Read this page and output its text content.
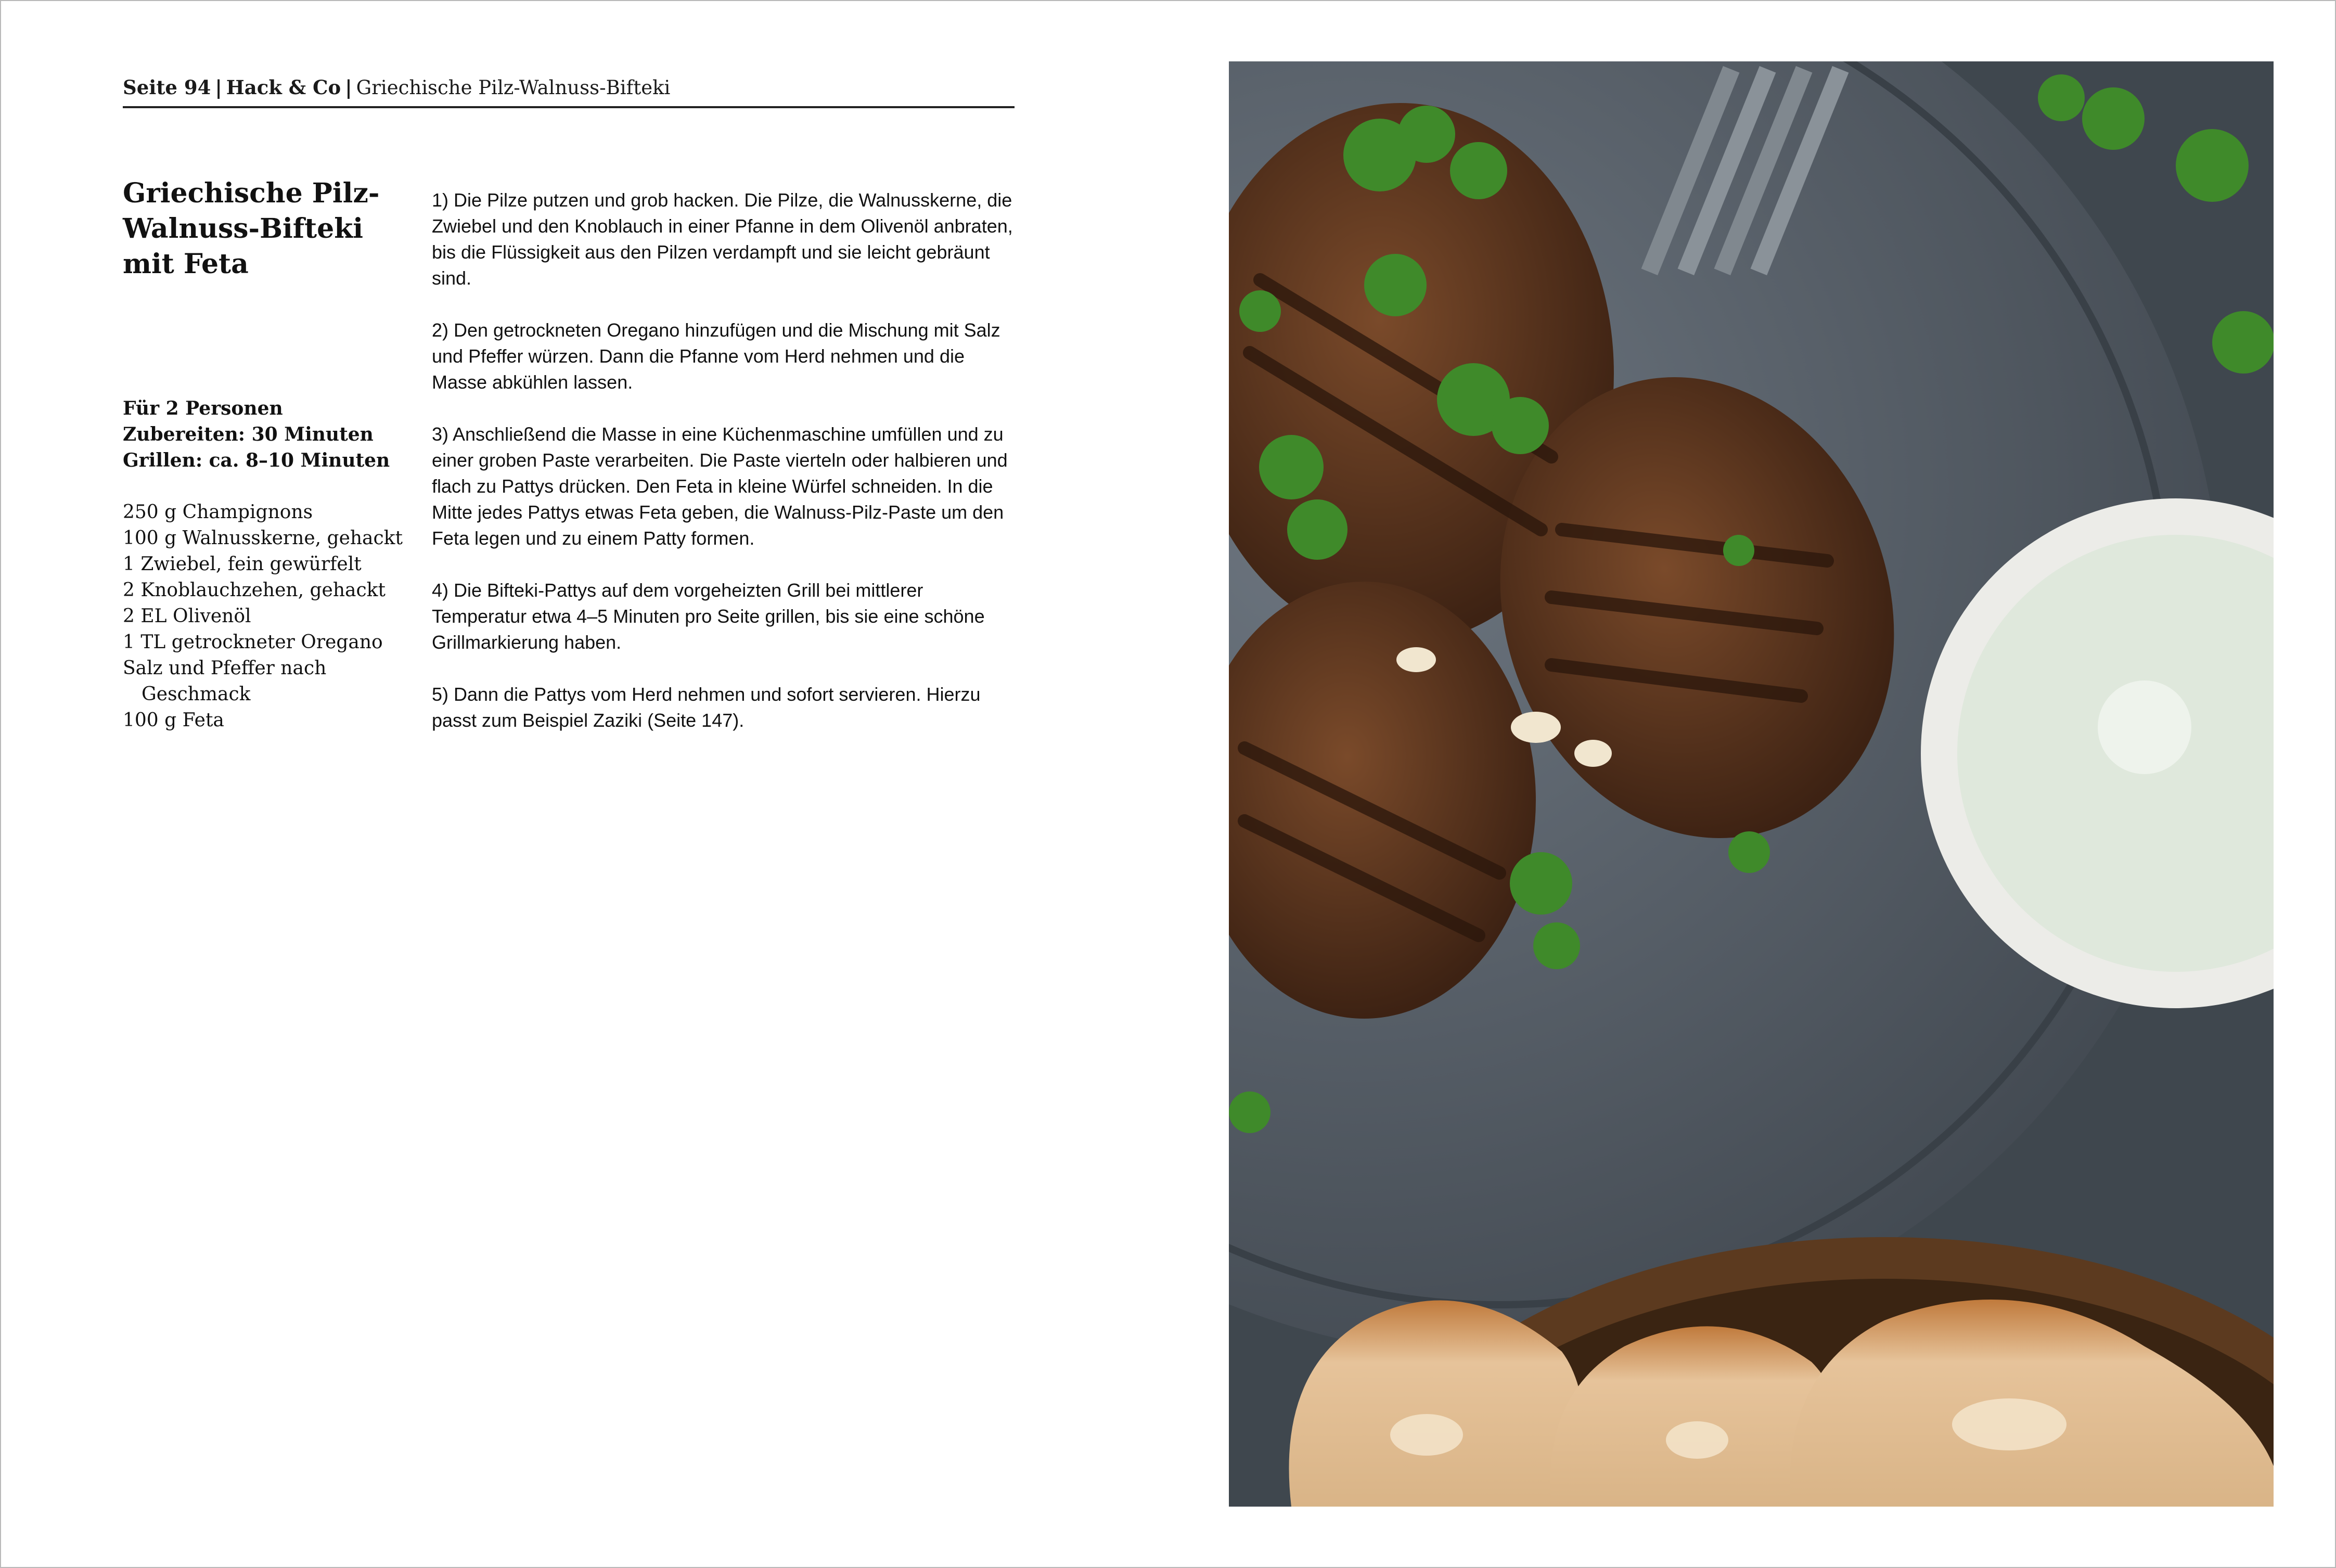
Seite 94 | Hack & Co | Griechische Pilz-Walnuss-Bifteki
Griechische Pilz-
Walnuss-Bifteki
mit Feta
Für 2 Personen
Zubereiten: 30 Minuten
Grillen: ca. 8–10 Minuten
250 g Champignons
100 g Walnusskerne, gehackt
1 Zwiebel, fein gewürfelt
2 Knoblauchzehen, gehackt
2 EL Olivenöl
1 TL getrockneter Oregano
Salz und Pfeffer nach Geschmack
100 g Feta

1) Die Pilze putzen und grob hacken. Die Pilze, die Walnusskerne, die Zwiebel und den Knoblauch in einer Pfanne in dem Olivenöl anbraten, bis die Flüssigkeit aus den Pilzen verdampft und sie leicht gebräunt sind.

2) Den getrockneten Oregano hinzufügen und die Mischung mit Salz und Pfeffer würzen. Dann die Pfanne vom Herd nehmen und die Masse abkühlen lassen.

3) Anschließend die Masse in eine Küchenmaschine umfüllen und zu einer groben Paste verarbeiten. Die Paste vierteln oder halbieren und flach zu Pattys drücken. Den Feta in kleine Würfel schneiden. In die Mitte jedes Pattys etwas Feta geben, die Walnuss-Pilz-Paste um den Feta legen und zu einem Patty formen.

4) Die Bifteki-Pattys auf dem vorgeheizten Grill bei mittlerer Temperatur etwa 4–5 Minuten pro Seite grillen, bis sie eine schöne Grillmarkierung haben.

5) Dann die Pattys vom Herd nehmen und sofort servieren. Hierzu passt zum Beispiel Zaziki (Seite 147).
